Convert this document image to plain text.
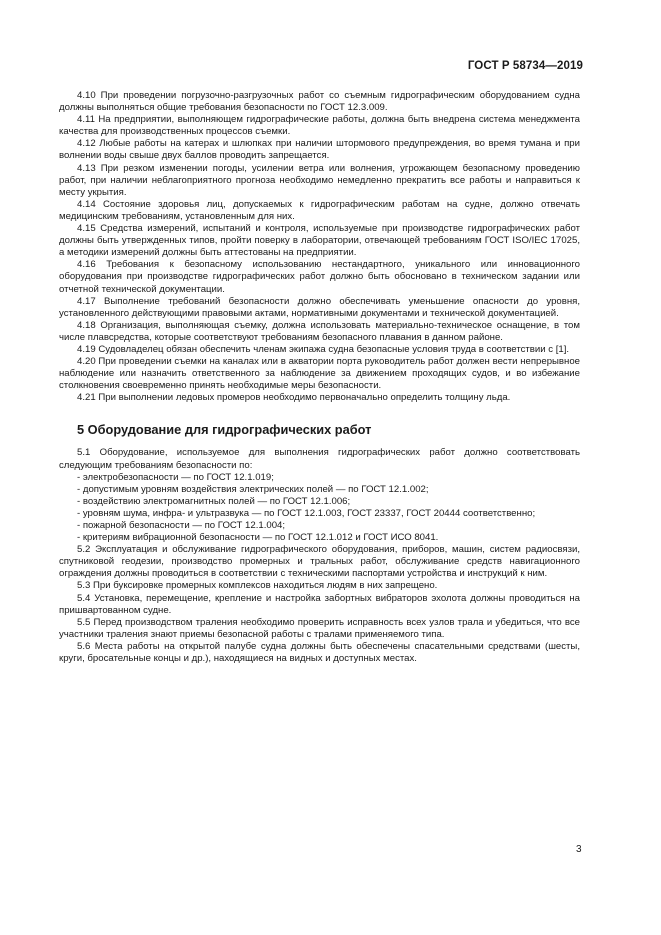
ГОСТ Р 58734—2019

4.10 При проведении погрузочно-разгрузочных работ со съемным гидрографическим оборудованием судна должны выполняться общие требования безопасности по ГОСТ 12.3.009.

4.11 На предприятии, выполняющем гидрографические работы, должна быть внедрена система менеджмента качества для производственных процессов съемки.

4.12 Любые работы на катерах и шлюпках при наличии штормового предупреждения, во время тумана и при волнении воды свыше двух баллов проводить запрещается.

4.13 При резком изменении погоды, усилении ветра или волнения, угрожающем безопасному проведению работ, при наличии неблагоприятного прогноза необходимо немедленно прекратить все работы и направиться к месту укрытия.

4.14 Состояние здоровья лиц, допускаемых к гидрографическим работам на судне, должно отвечать медицинским требованиям, установленным для них.

4.15 Средства измерений, испытаний и контроля, используемые при производстве гидрографических работ должны быть утвержденных типов, пройти поверку в лаборатории, отвечающей требованиям ГОСТ ISO/IEC 17025, а методики измерений должны быть аттестованы на предприятии.

4.16 Требования к безопасному использованию нестандартного, уникального или инновационного оборудования при производстве гидрографических работ должно быть обосновано в техническом задании или отчетной технической документации.

4.17 Выполнение требований безопасности должно обеспечивать уменьшение опасности до уровня, установленного действующими правовыми актами, нормативными документами и технической документацией.

4.18 Организация, выполняющая съемку, должна использовать материально-техническое оснащение, в том числе плавсредства, которые соответствуют требованиям безопасного плавания в данном районе.

4.19 Судовладелец обязан обеспечить членам экипажа судна безопасные условия труда в соответствии с [1].

4.20 При проведении съемки на каналах или в акватории порта руководитель работ должен вести непрерывное наблюдение или назначить ответственного за наблюдение за движением проходящих судов, и во избежание столкновения своевременно принять необходимые меры безопасности.

4.21 При выполнении ледовых промеров необходимо первоначально определить толщину льда.

5 Оборудование для гидрографических работ

5.1 Оборудование, используемое для выполнения гидрографических работ должно соответствовать следующим требованиям безопасности по:

- электробезопасности — по ГОСТ 12.1.019;

- допустимым уровням воздействия электрических полей — по ГОСТ 12.1.002;

- воздействию электромагнитных полей — по ГОСТ 12.1.006;

- уровням шума, инфра- и ультразвука — по ГОСТ 12.1.003, ГОСТ 23337, ГОСТ 20444 соответственно;

- пожарной безопасности — по ГОСТ 12.1.004;

- критериям вибрационной безопасности — по ГОСТ 12.1.012 и ГОСТ ИСО 8041.

5.2 Эксплуатация и обслуживание гидрографического оборудования, приборов, машин, систем радиосвязи, спутниковой геодезии, производство промерных и тральных работ, обслуживание средств навигационного ограждения должны проводиться в соответствии с техническими паспортами устройства и инструкций к ним.

5.3 При буксировке промерных комплексов находиться людям в них запрещено.

5.4 Установка, перемещение, крепление и настройка забортных вибраторов эхолота должны проводиться на пришвартованном судне.

5.5 Перед производством траления необходимо проверить исправность всех узлов трала и убедиться, что все участники траления знают приемы безопасной работы с тралами применяемого типа.

5.6 Места работы на открытой палубе судна должны быть обеспечены спасательными средствами (шесты, круги, бросательные концы и др.), находящиеся на видных и доступных местах.

3
